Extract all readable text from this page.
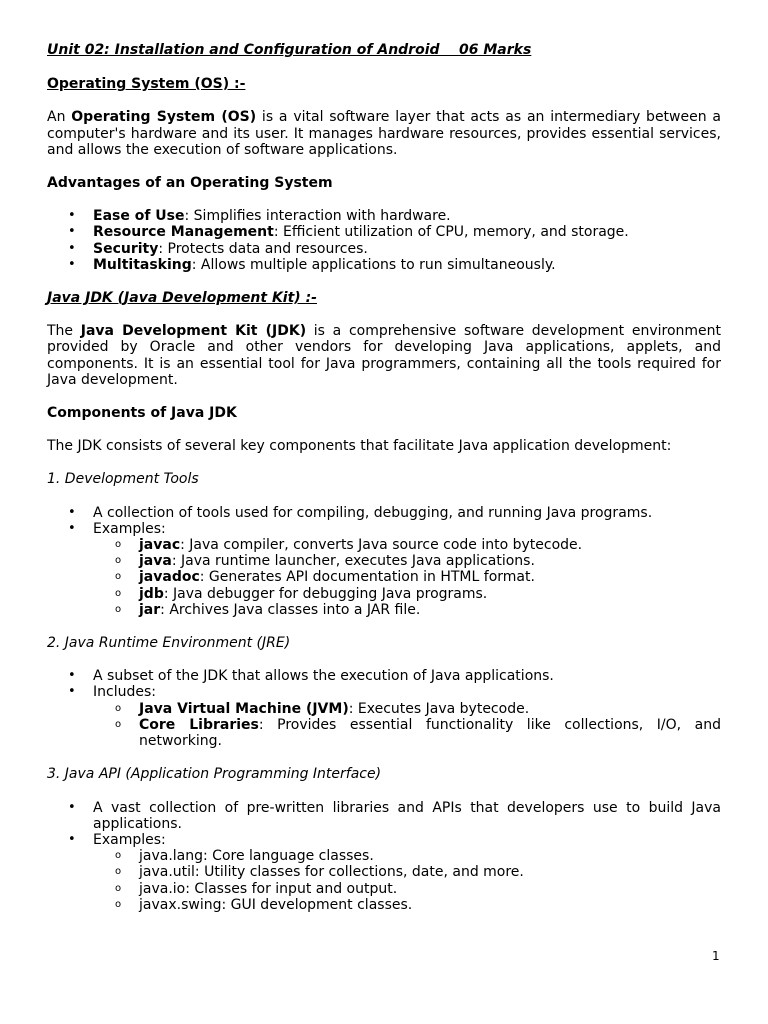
Unit 02: Installation and Configuration of Android    06 Marks

Operating System (OS) :-

An Operating System (OS) is a vital software layer that acts as an intermediary between a computer's hardware and its user. It manages hardware resources, provides essential services, and allows the execution of software applications.

Advantages of an Operating System

• Ease of Use: Simplifies interaction with hardware.
• Resource Management: Efficient utilization of CPU, memory, and storage.
• Security: Protects data and resources.
• Multitasking: Allows multiple applications to run simultaneously.

Java JDK (Java Development Kit) :-

The Java Development Kit (JDK) is a comprehensive software development environment provided by Oracle and other vendors for developing Java applications, applets, and components. It is an essential tool for Java programmers, containing all the tools required for Java development.

Components of Java JDK

The JDK consists of several key components that facilitate Java application development:

1. Development Tools

• A collection of tools used for compiling, debugging, and running Java programs.
• Examples:
o javac: Java compiler, converts Java source code into bytecode.
o java: Java runtime launcher, executes Java applications.
o javadoc: Generates API documentation in HTML format.
o jdb: Java debugger for debugging Java programs.
o jar: Archives Java classes into a JAR file.

2. Java Runtime Environment (JRE)

• A subset of the JDK that allows the execution of Java applications.
• Includes:
o Java Virtual Machine (JVM): Executes Java bytecode.
o Core Libraries: Provides essential functionality like collections, I/O, and networking.

3. Java API (Application Programming Interface)

• A vast collection of pre-written libraries and APIs that developers use to build Java applications.
• Examples:
o java.lang: Core language classes.
o java.util: Utility classes for collections, date, and more.
o java.io: Classes for input and output.
o javax.swing: GUI development classes.
1
